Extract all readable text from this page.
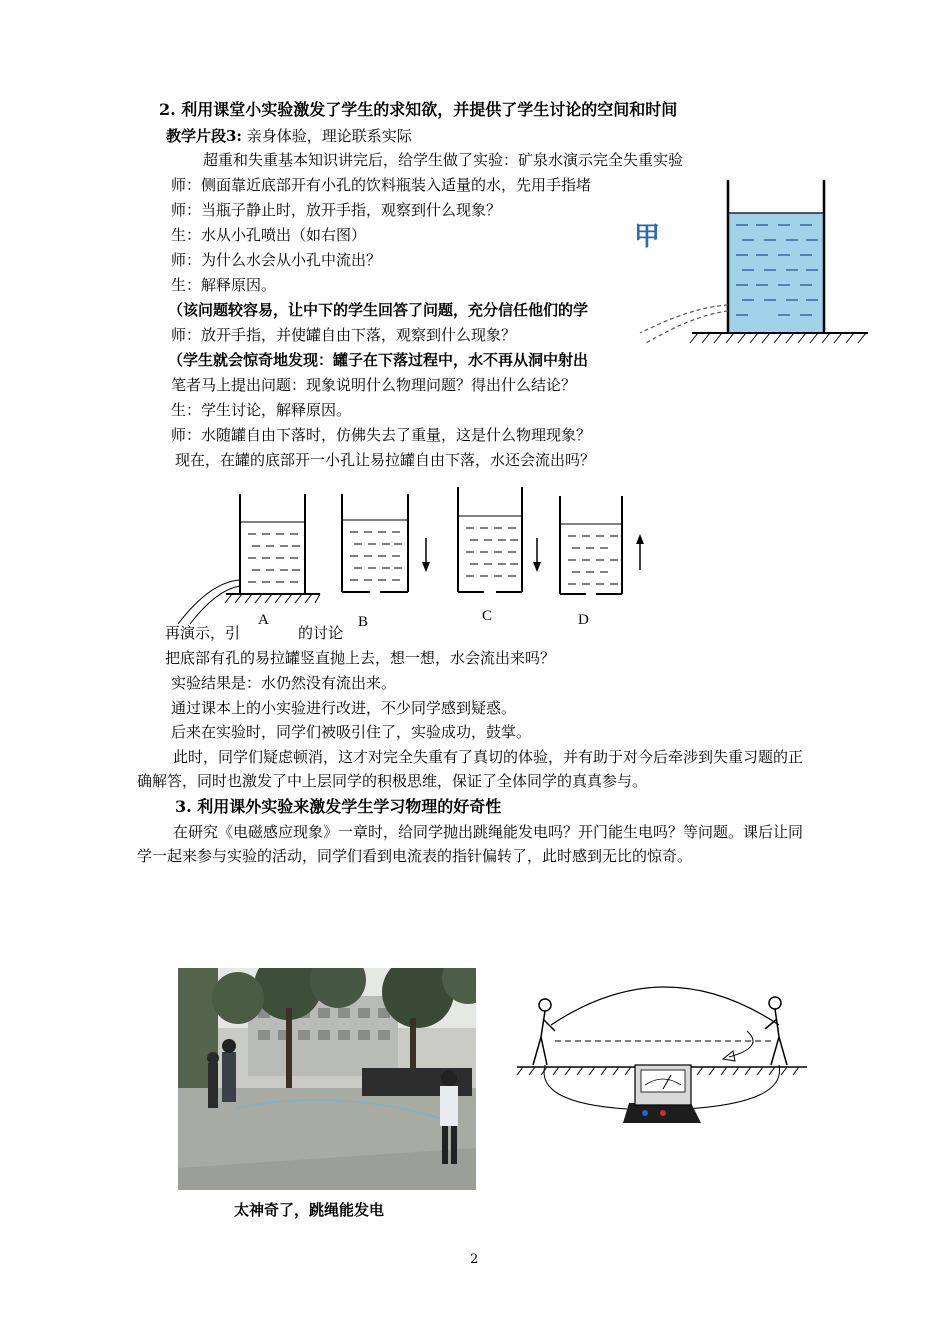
2. 利用课堂小实验激发了学生的求知欲，并提供了学生讨论的空间和时间
教学片段3: 亲身体验，理论联系实际
超重和失重基本知识讲完后，给学生做了实验：矿泉水演示完全失重实验
师：侧面靠近底部开有小孔的饮料瓶装入适量的水，先用手指堵
师：当瓶子静止时，放开手指，观察到什么现象？
生：水从小孔喷出（如右图）
师：为什么水会从小孔中流出？
生：解释原因。
（该问题较容易，让中下的学生回答了问题，充分信任他们的学
师：放开手指，并使罐自由下落，观察到什么现象？
（学生就会惊奇地发现：罐子在下落过程中，水不再从洞中射出
笔者马上提出问题：现象说明什么物理问题？得出什么结论？
生：学生讨论，解释原因。
师：水随罐自由下落时，仿佛失去了重量，这是什么物理现象？
现在，在罐的底部开一小孔让易拉罐自由下落，水还会流出吗？
甲
A	B	C	D
再演示，引	的讨论
把底部有孔的易拉罐竖直抛上去，想一想，水会流出来吗？
实验结果是：水仍然没有流出来。
通过课本上的小实验进行改进，不少同学感到疑惑。
后来在实验时，同学们被吸引住了，实验成功，鼓掌。
此时，同学们疑虑顿消，这才对完全失重有了真切的体验，并有助于对今后牵涉到失重习题的正确解答，同时也激发了中上层同学的积极思维，保证了全体同学的真真参与。
3. 利用课外实验来激发学生学习物理的好奇性
在研究《电磁感应现象》一章时，给同学抛出跳绳能发电吗？开门能生电吗？等问题。课后让同学一起来参与实验的活动，同学们看到电流表的指针偏转了，此时感到无比的惊奇。
太神奇了，跳绳能发电
2
